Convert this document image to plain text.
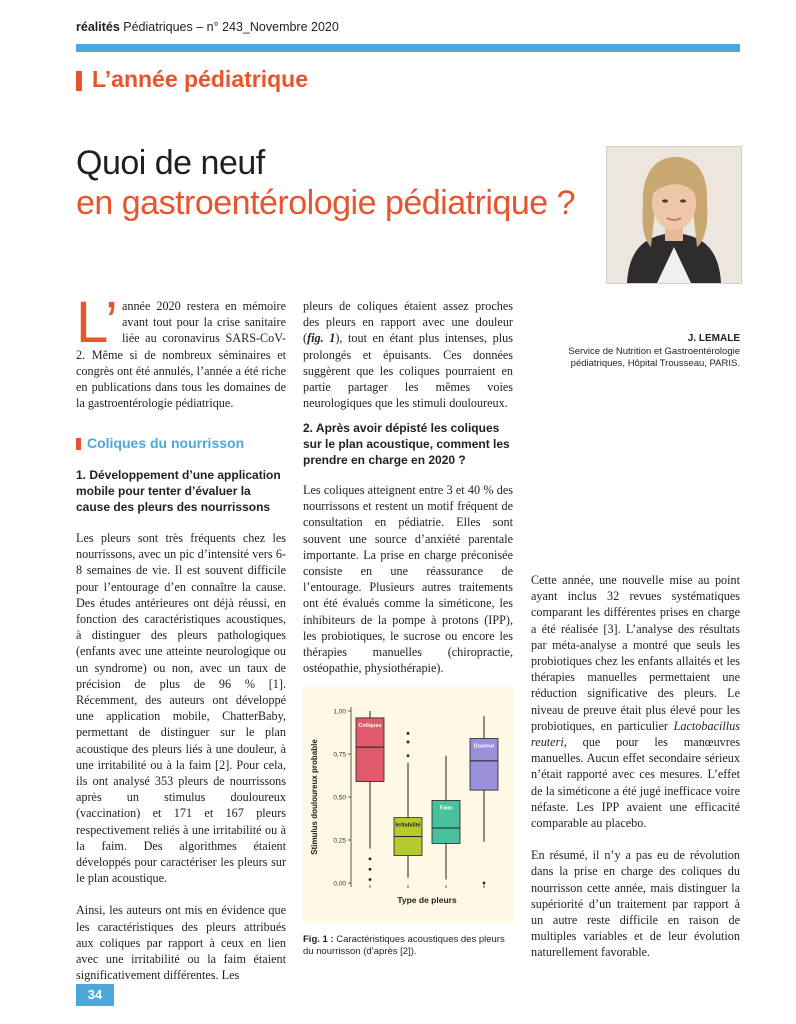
réalités Pédiatriques – n° 243_Novembre 2020
L’année pédiatrique
Quoi de neuf
en gastroentérologie pédiatrique ?
J. LEMALE
Service de Nutrition et Gastroentérologie
pédiatriques, Hôpital Trousseau, PARIS.

L’ année 2020 restera en mémoire avant tout pour la crise sanitaire liée au coronavirus SARS-CoV-2. Même si de nombreux séminaires et congrès ont été annulés, l’année a été riche en publications dans tous les domaines de la gastroentérologie pédiatrique.

Coliques du nourrisson
1. Développement d’une application mobile pour tenter d’évaluer la cause des pleurs des nourrissons

Les pleurs sont très fréquents chez les nourrissons, avec un pic d’intensité vers 6-8 semaines de vie. Il est souvent difficile pour l’entourage d’en connaître la cause. Des études antérieures ont déjà réussi, en fonction des caractéristiques acoustiques, à distinguer des pleurs pathologiques (enfants avec une atteinte neurologique ou un syndrome) ou non, avec un taux de précision de plus de 96 % [1]. Récemment, des auteurs ont développé une application mobile, ChatterBaby, permettant de distinguer sur le plan acoustique des pleurs liés à une douleur, à une irritabilité ou à la faim [2]. Pour cela, ils ont analysé 353 pleurs de nourrissons après un stimulus douloureux (vaccination) et 171 et 167 pleurs respectivement reliés à une irritabilité ou à la faim. Des algorithmes étaient développés pour caractériser les pleurs sur le plan acoustique.

Ainsi, les auteurs ont mis en évidence que les caractéristiques des pleurs attribués aux coliques par rapport à ceux en lien avec une irritabilité ou la faim étaient significativement différentes. Les

pleurs de coliques étaient assez proches des pleurs en rapport avec une douleur (fig. 1), tout en étant plus intenses, plus prolongés et épuisants. Ces données suggèrent que les coliques pourraient en partie partager les mêmes voies neurologiques que les stimuli douloureux.

2. Après avoir dépisté les coliques sur le plan acoustique, comment les prendre en charge en 2020 ?

Les coliques atteignent entre 3 et 40 % des nourrissons et restent un motif fréquent de consultation en pédiatrie. Elles sont souvent une source d’anxiété parentale importante. La prise en charge préconisée consiste en une réassurance de l’entourage. Plusieurs autres traitements ont été évalués comme la siméticone, les inhibiteurs de la pompe à protons (IPP), les probiotiques, le sucrose ou encore les thérapies manuelles (chiropractie, ostéopathie, physiothérapie).

0,00
0,25
0,50
0,75
1,00
Stimulus douloureux probable
Type de pleurs
Coliques
Irritabilité
Faim
Douleur
Fig. 1 : Caractéristiques acoustiques des pleurs du nourrisson (d’après [2]).

Cette année, une nouvelle mise au point ayant inclus 32 revues systématiques comparant les différentes prises en charge a été réalisée [3]. L’analyse des résultats par méta-analyse a montré que seuls les probiotiques chez les enfants allaités et les thérapies manuelles permettaient une réduction significative des pleurs. Le niveau de preuve était plus élevé pour les probiotiques, en particulier Lactobacillus reuteri, que pour les manœuvres manuelles. Aucun effet secondaire sérieux n’était rapporté avec ces mesures. L’effet de la siméticone a été jugé inefficace voire néfaste. Les IPP avaient une efficacité comparable au placebo.

En résumé, il n’y a pas eu de révolution dans la prise en charge des coliques du nourrisson cette année, mais distinguer la supériorité d’un traitement par rapport à un autre reste difficile en raison de multiples variables et de leur évolution naturellement favorable.

34
